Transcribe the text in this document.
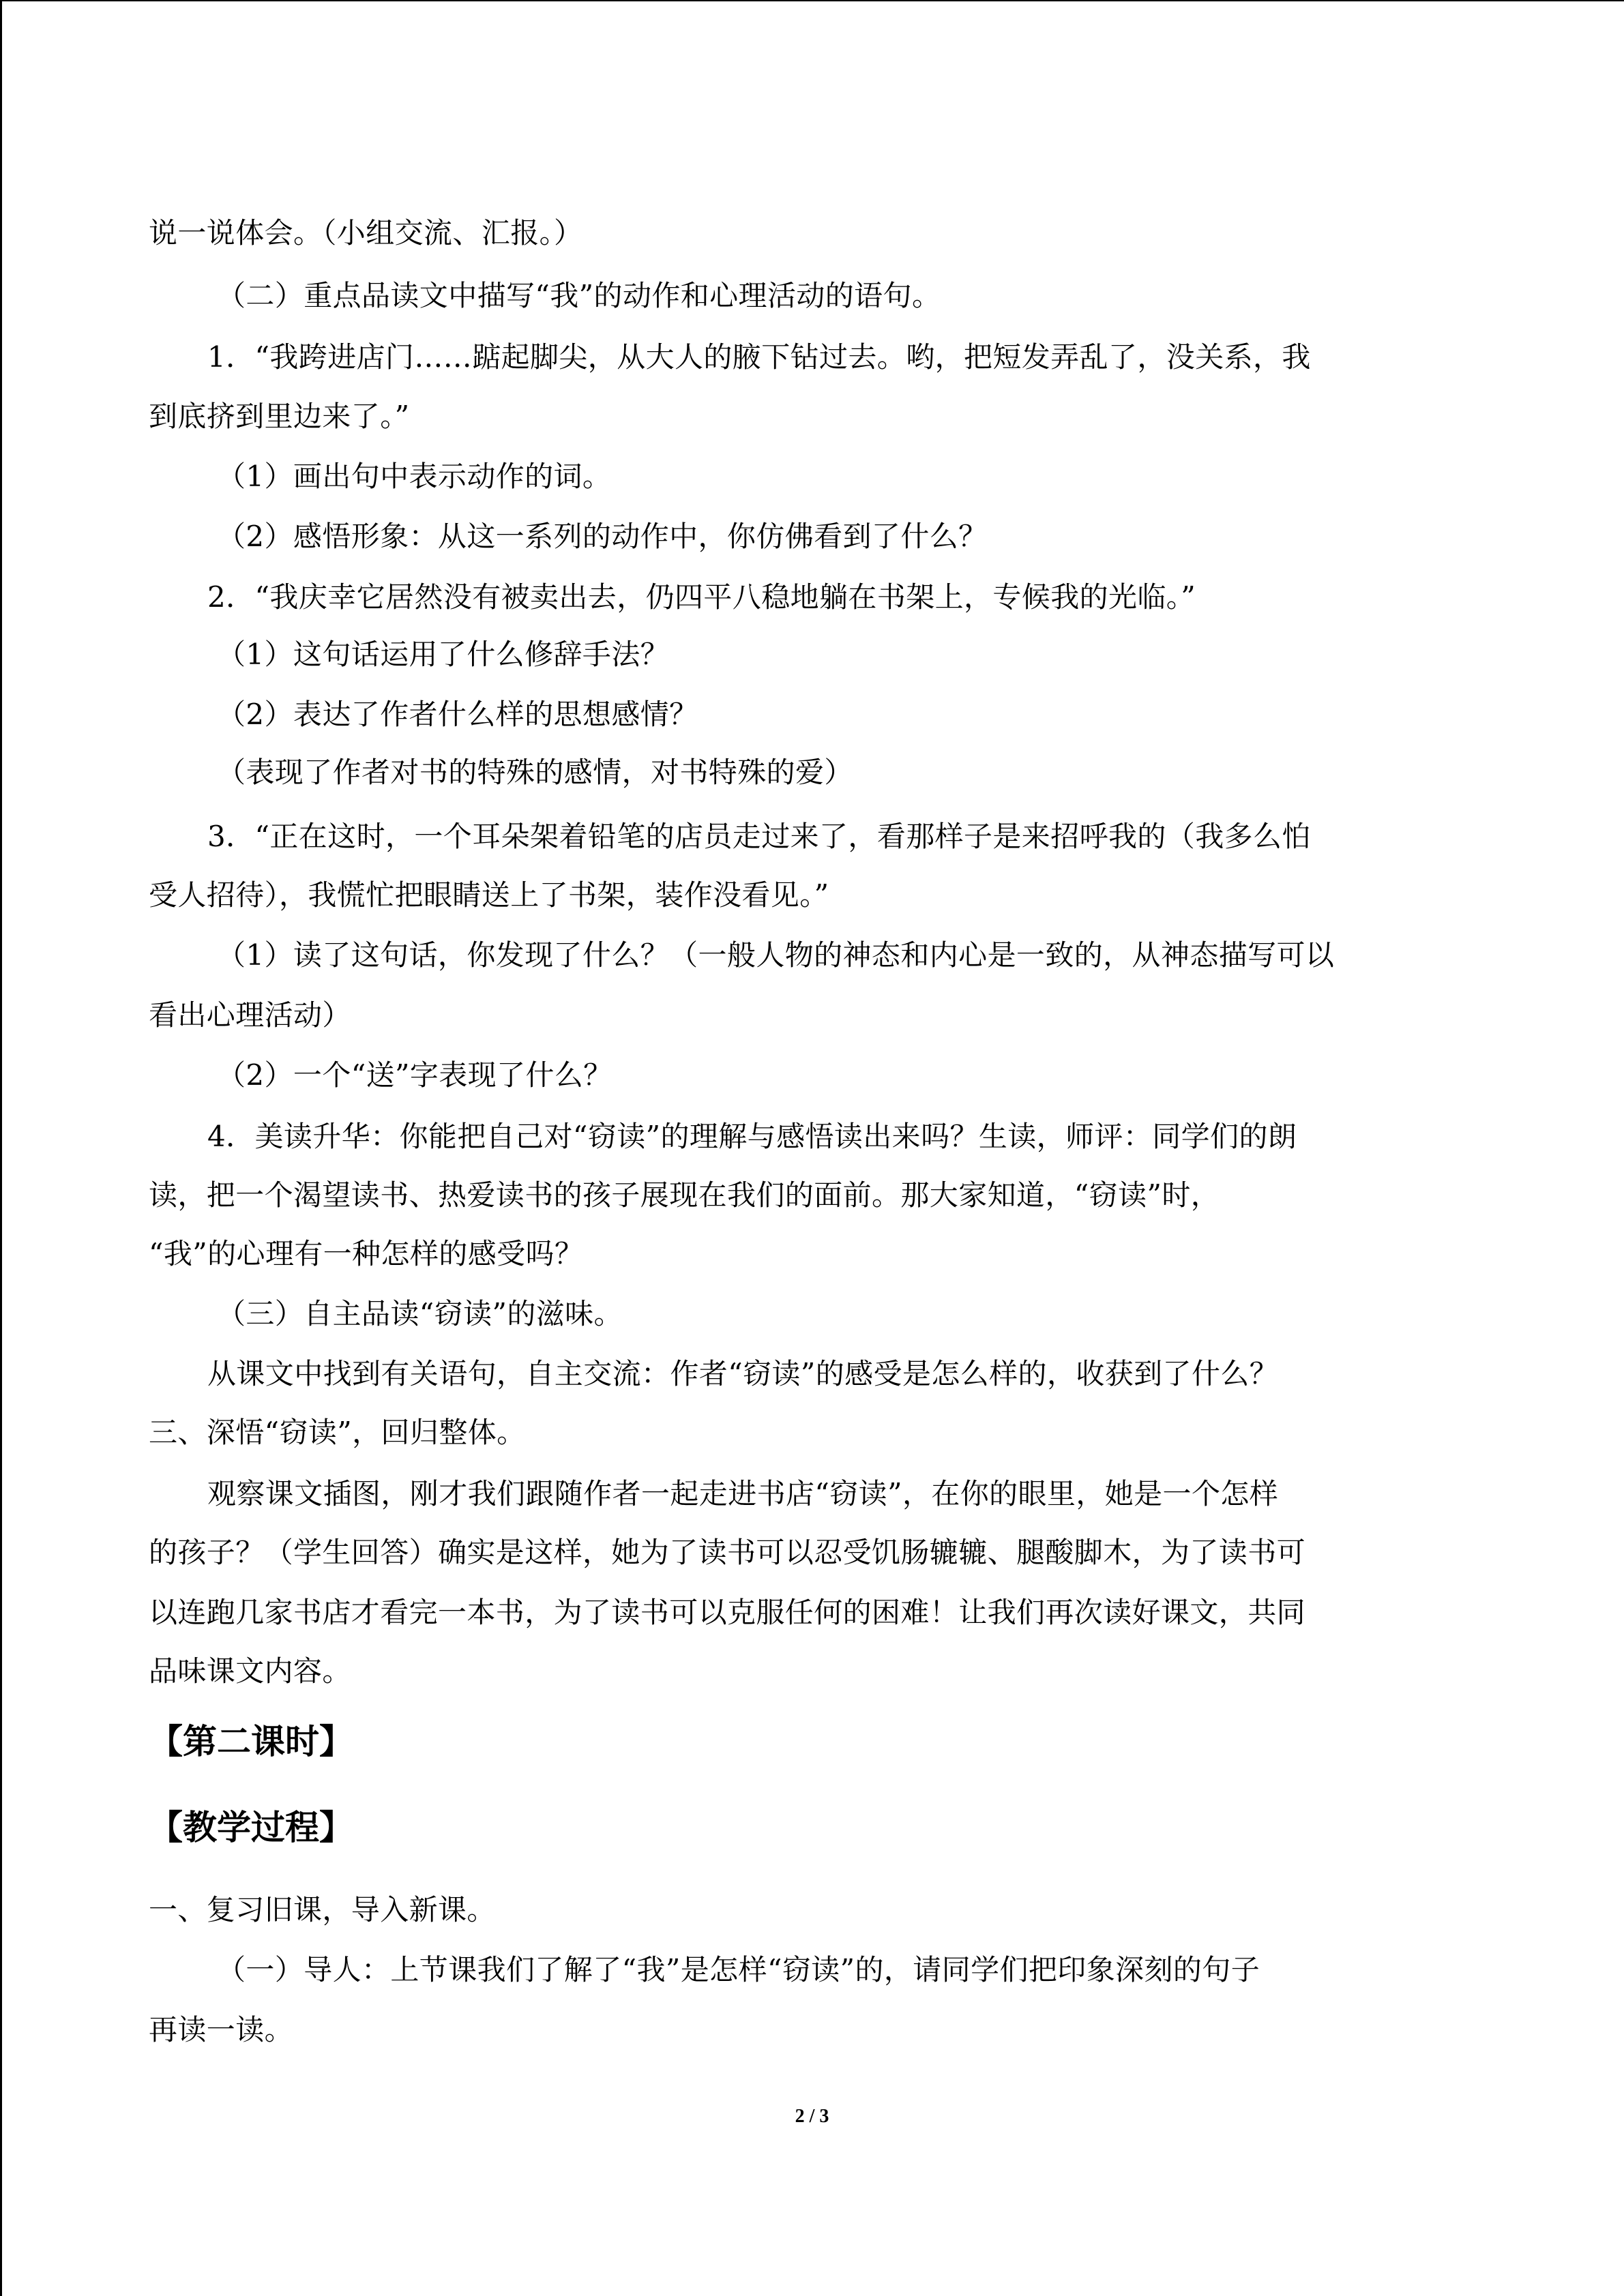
说一说体会。（小组交流、汇报。）
（二）重点品读文中描写“我”的动作和心理活动的语句。
1．“我跨进店门……踮起脚尖，从大人的腋下钻过去。哟，把短发弄乱了，没关系，我
到底挤到里边来了。”
（1）画出句中表示动作的词。
（2）感悟形象：从这一系列的动作中，你仿佛看到了什么？
2．“我庆幸它居然没有被卖出去，仍四平八稳地躺在书架上，专候我的光临。”
（1）这句话运用了什么修辞手法？
（2）表达了作者什么样的思想感情？
（表现了作者对书的特殊的感情，对书特殊的爱）
3．“正在这时，一个耳朵架着铅笔的店员走过来了，看那样子是来招呼我的（我多么怕
受人招待），我慌忙把眼睛送上了书架，装作没看见。”
（1）读了这句话，你发现了什么？（一般人物的神态和内心是一致的，从神态描写可以
看出心理活动）
（2）一个“送”字表现了什么？
4．美读升华：你能把自己对“窃读”的理解与感悟读出来吗？生读，师评：同学们的朗
读，把一个渴望读书、热爱读书的孩子展现在我们的面前。那大家知道，“窃读”时，
“我”的心理有一种怎样的感受吗？
（三）自主品读“窃读”的滋味。
从课文中找到有关语句，自主交流：作者“窃读”的感受是怎么样的，收获到了什么？
三、深悟“窃读”，回归整体。
观察课文插图，刚才我们跟随作者一起走进书店“窃读”，在你的眼里，她是一个怎样
的孩子？（学生回答）确实是这样，她为了读书可以忍受饥肠辘辘、腿酸脚木，为了读书可
以连跑几家书店才看完一本书，为了读书可以克服任何的困难！让我们再次读好课文，共同
品味课文内容。
【第二课时】
【教学过程】
一、复习旧课，导入新课。
（一）导人：上节课我们了解了“我”是怎样“窃读”的，请同学们把印象深刻的句子
再读一读。
2 / 3
